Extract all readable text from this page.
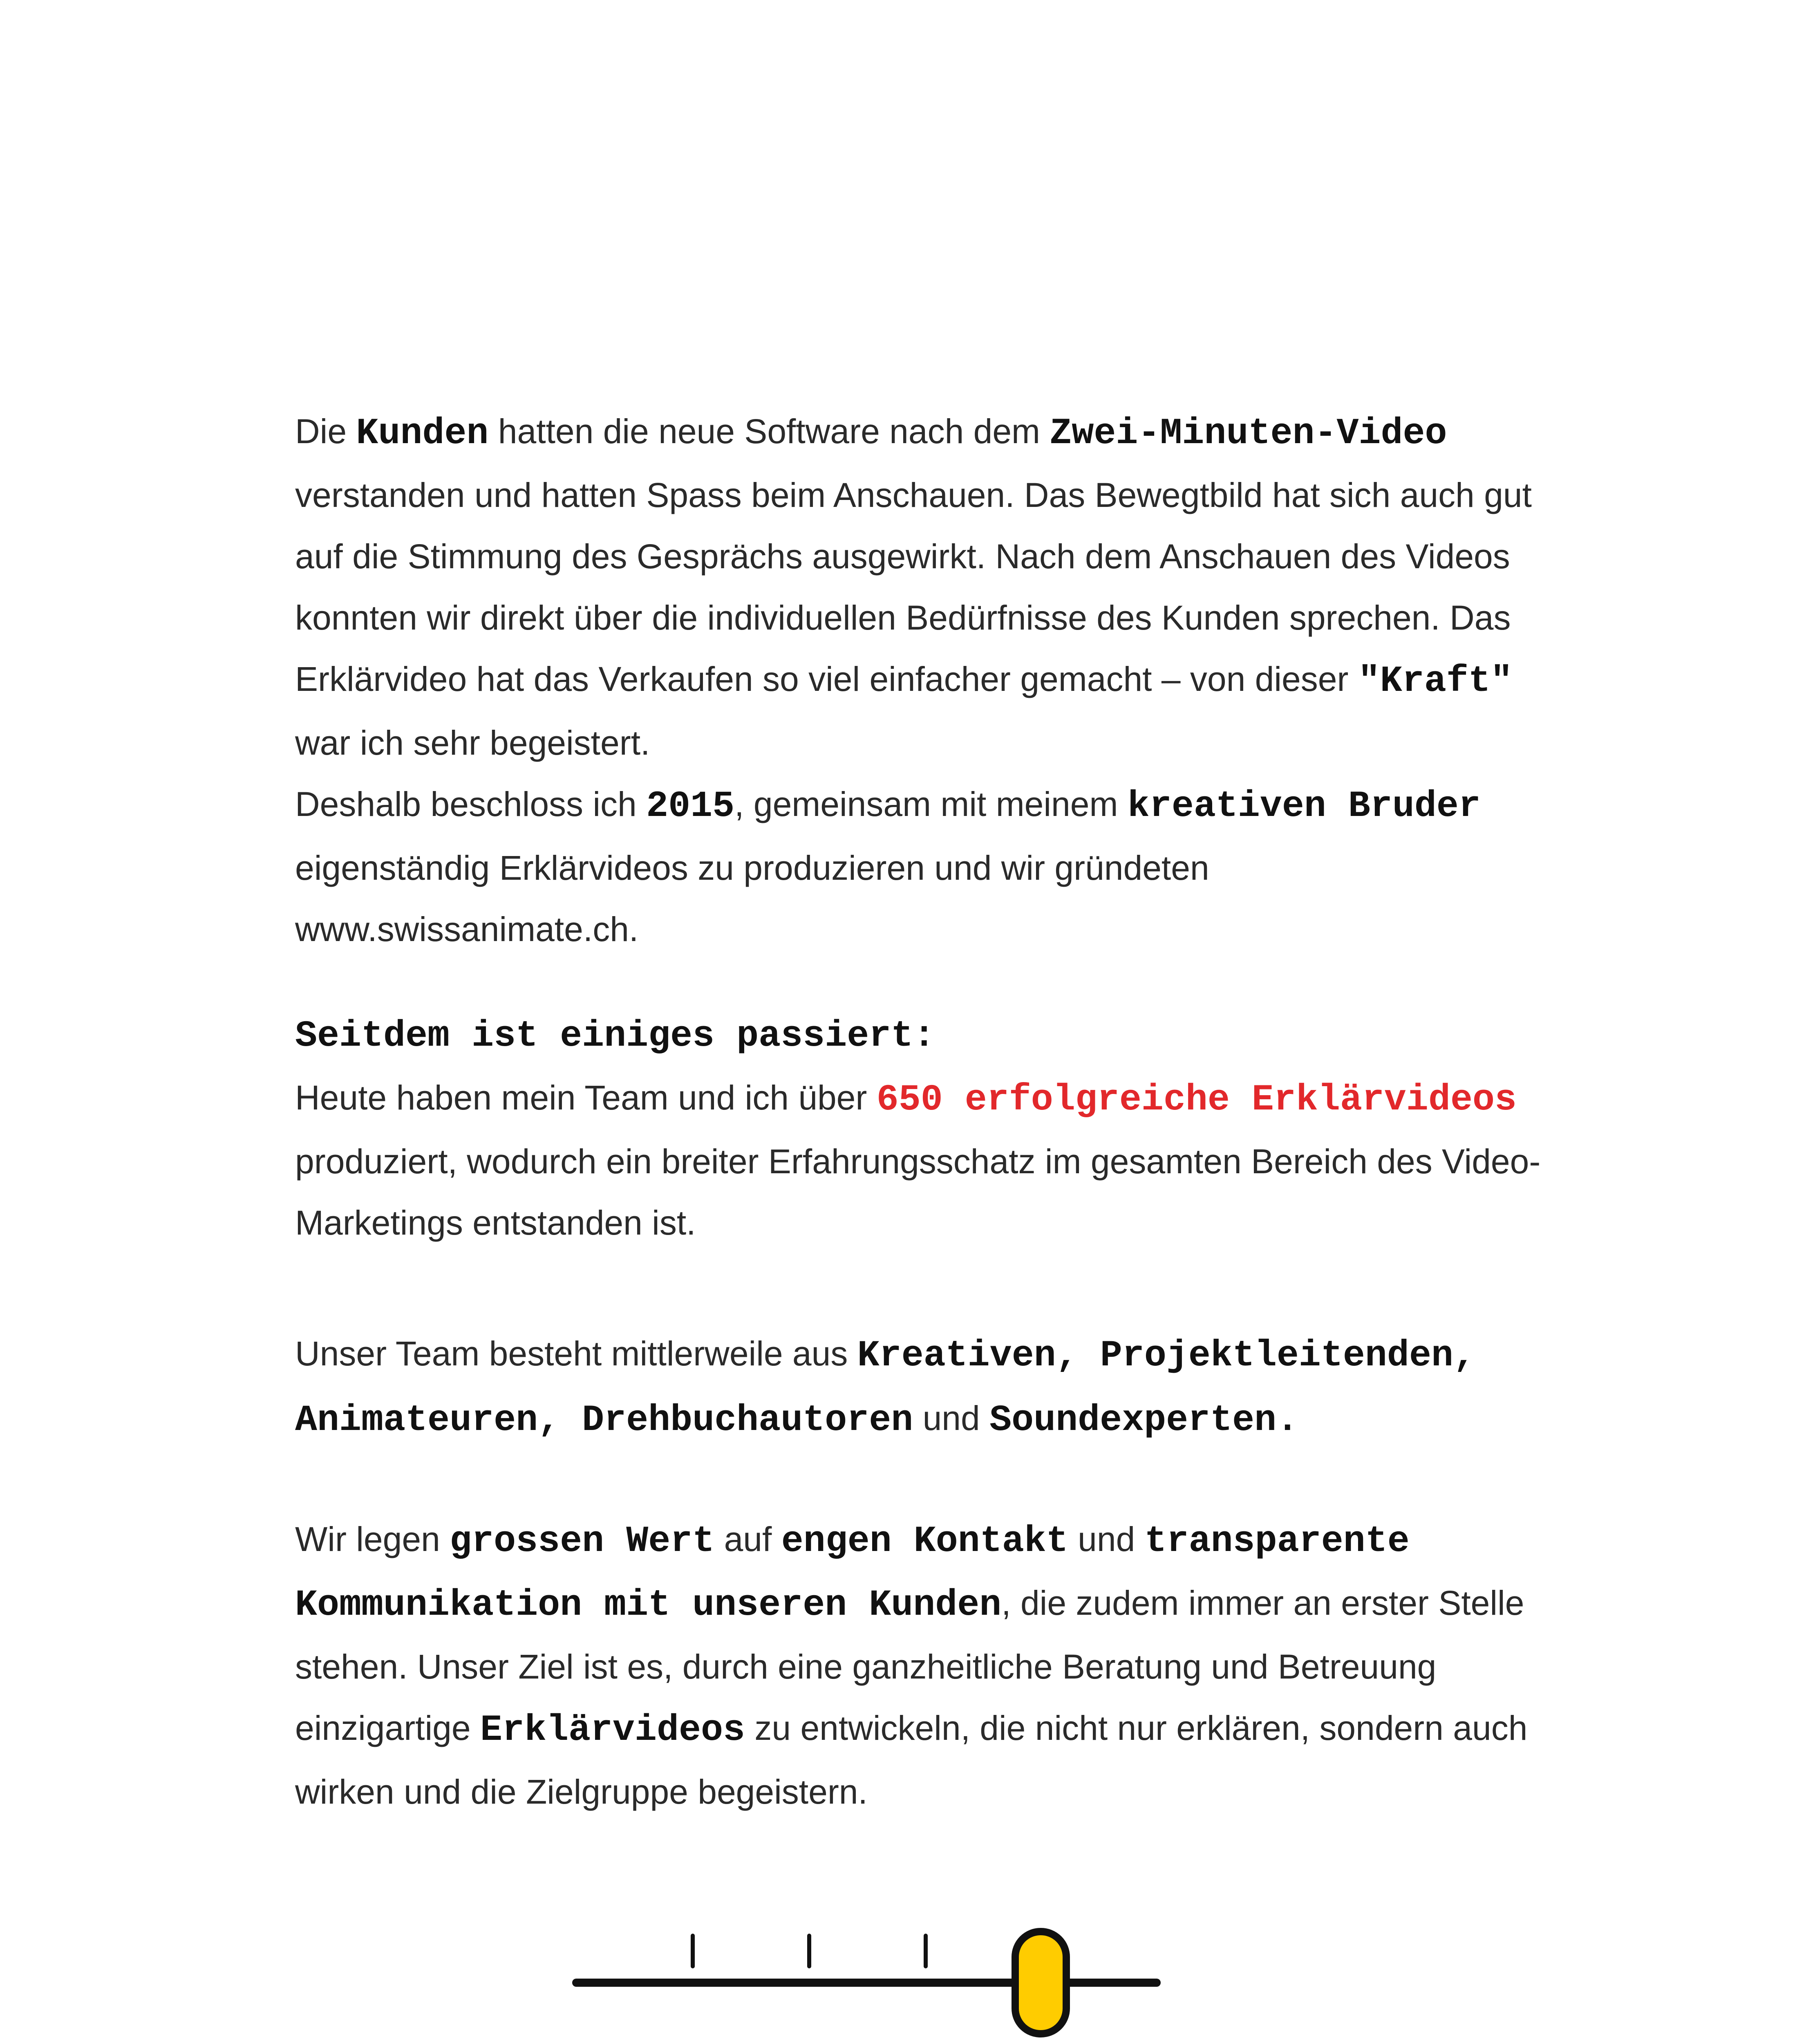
Die Kunden hatten die neue Software nach dem Zwei-Minuten-Video verstanden und hatten Spass beim Anschauen. Das Bewegtbild hat sich auch gut auf die Stimmung des Gesprächs ausgewirkt. Nach dem Anschauen des Videos konnten wir direkt über die individuellen Bedürfnisse des Kunden sprechen. Das Erklärvideo hat das Verkaufen so viel einfacher gemacht – von dieser "Kraft" war ich sehr begeistert.
Deshalb beschloss ich 2015, gemeinsam mit meinem kreativen Bruder eigenständig Erklärvideos zu produzieren und wir gründeten www.swissanimate.ch.
Seitdem ist einiges passiert:
Heute haben mein Team und ich über 650 erfolgreiche Erklärvideos produziert, wodurch ein breiter Erfahrungsschatz im gesamten Bereich des Video-Marketings entstanden ist.
Unser Team besteht mittlerweile aus Kreativen, Projektleitenden, Animateuren, Drehbuchautoren und Soundexperten.
Wir legen grossen Wert auf engen Kontakt und transparente Kommunikation mit unseren Kunden, die zudem immer an erster Stelle stehen. Unser Ziel ist es, durch eine ganzheitliche Beratung und Betreuung einzigartige Erklärvideos zu entwickeln, die nicht nur erklären, sondern auch wirken und die Zielgruppe begeistern.
